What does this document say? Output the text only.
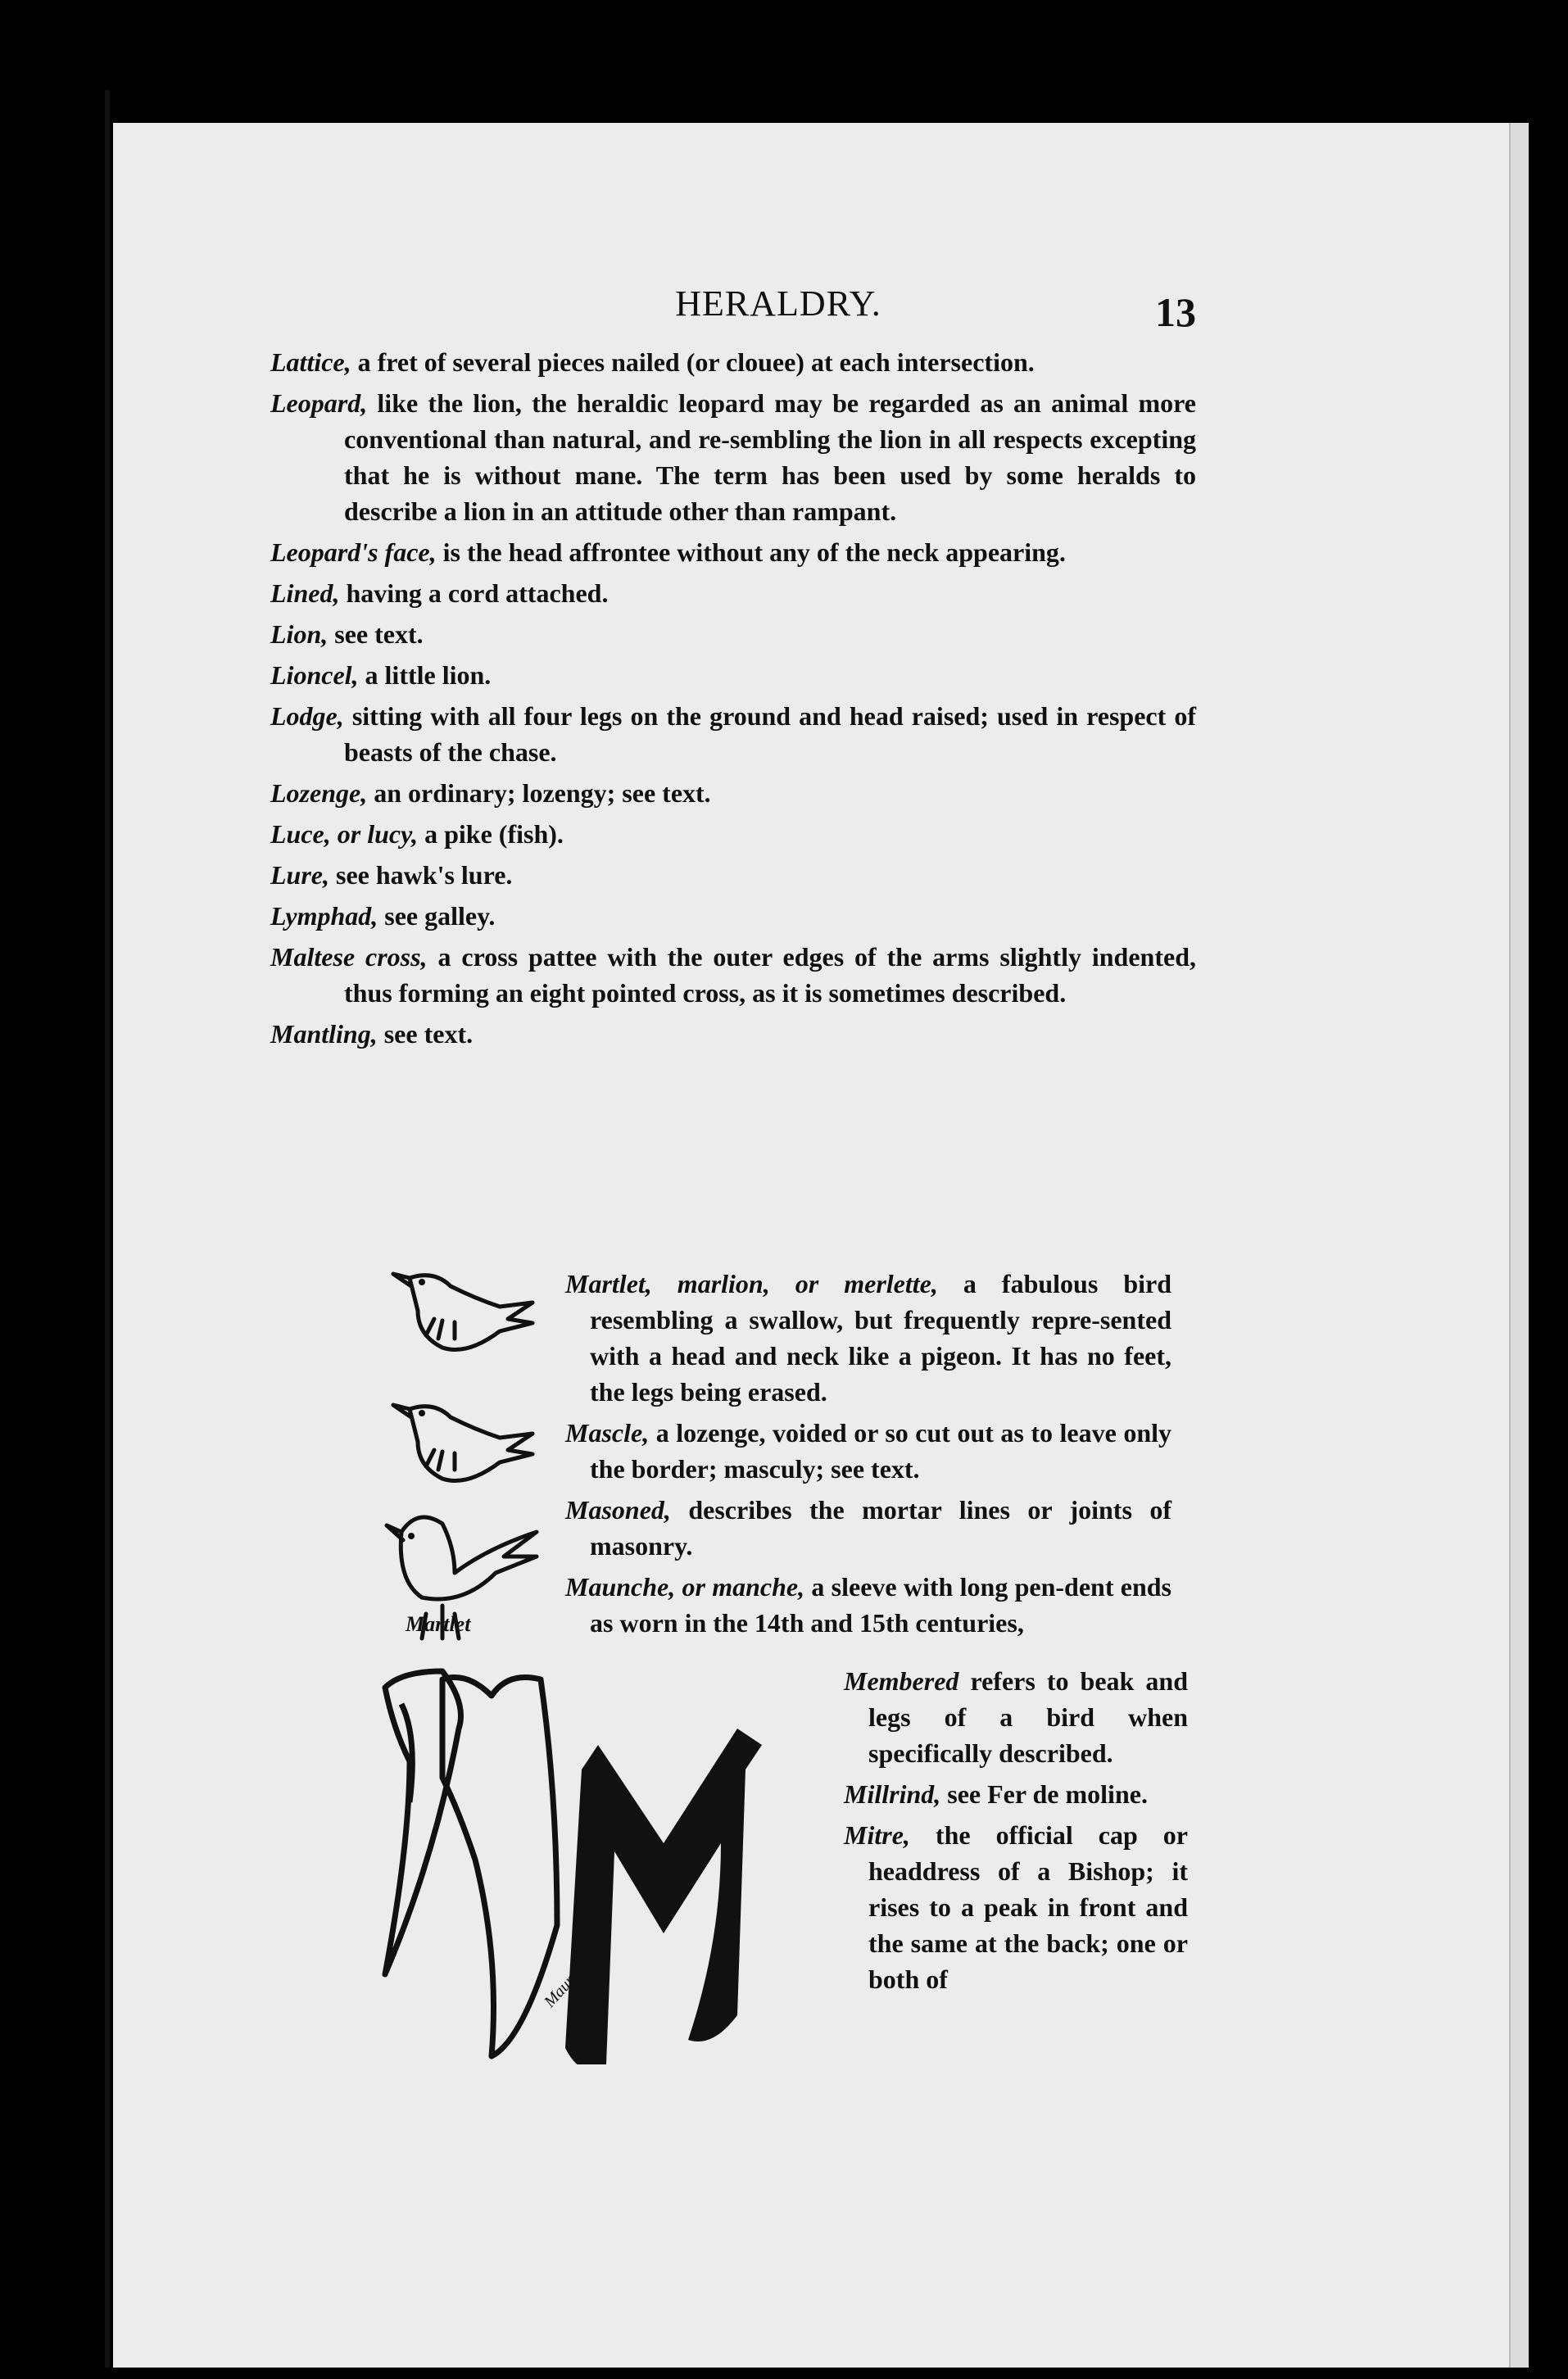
HERALDRY.	13

Lattice, a fret of several pieces nailed (or clouee) at each intersection.

Leopard, like the lion, the heraldic leopard may be regarded as an animal more conventional than natural, and re-sembling the lion in all respects excepting that he is without mane. The term has been used by some heralds to describe a lion in an attitude other than rampant.

Leopard's face, is the head affrontee without any of the neck appearing.

Lined, having a cord attached.

Lion, see text.

Lioncel, a little lion.

Lodge, sitting with all four legs on the ground and head raised; used in respect of beasts of the chase.

Lozenge, an ordinary; lozengy; see text.

Luce, or lucy, a pike (fish).

Lure, see hawk's lure.

Lymphad, see galley.

Maltese cross, a cross pattee with the outer edges of the arms slightly indented, thus forming an eight pointed cross, as it is sometimes described.

Mantling, see text.

Martlet

Martlet, marlion, or merlette, a fabulous bird resembling a swallow, but frequently repre-sented with a head and neck like a pigeon. It has no feet, the legs being erased.

Mascle, a lozenge, voided or so cut out as to leave only the border; masculy; see text.

Masoned, describes the mortar lines or joints of masonry.

Maunche, or manche, a sleeve with long pen-dent ends as worn in the 14th and 15th centuries,

Maunche

Membered refers to beak and legs of a bird when specifically described.

Millrind, see Fer de moline.

Mitre, the official cap or headdress of a Bishop; it rises to a peak in front and the same at the back; one or both of
